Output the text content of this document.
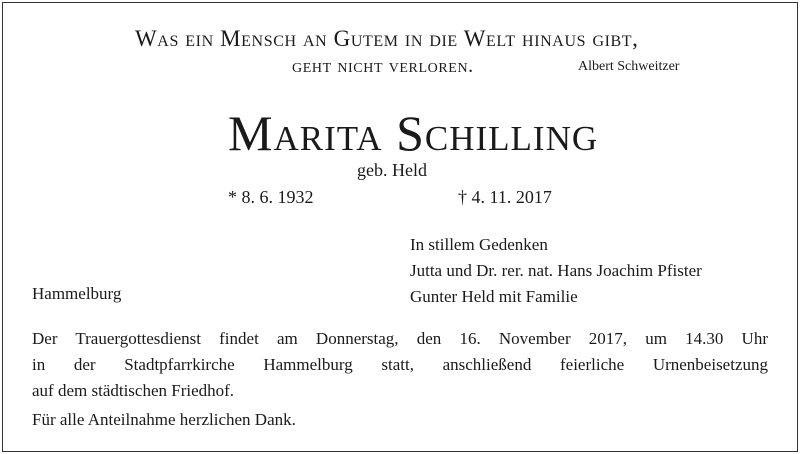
Was ein Mensch an Gutem in die Welt hinaus gibt,
geht nicht verloren.	Albert Schweitzer
Marita Schilling
geb. Held
* 8. 6. 1932	† 4. 11. 2017
In stillem Gedenken
Jutta und Dr. rer. nat. Hans Joachim Pfister
Gunter Held mit Familie
Hammelburg
Der Trauergottesdienst findet am Donnerstag, den 16. November 2017, um 14.30 Uhr
in der Stadtpfarrkirche Hammelburg statt, anschließend feierliche Urnenbeisetzung
auf dem städtischen Friedhof.
Für alle Anteilnahme herzlichen Dank.
